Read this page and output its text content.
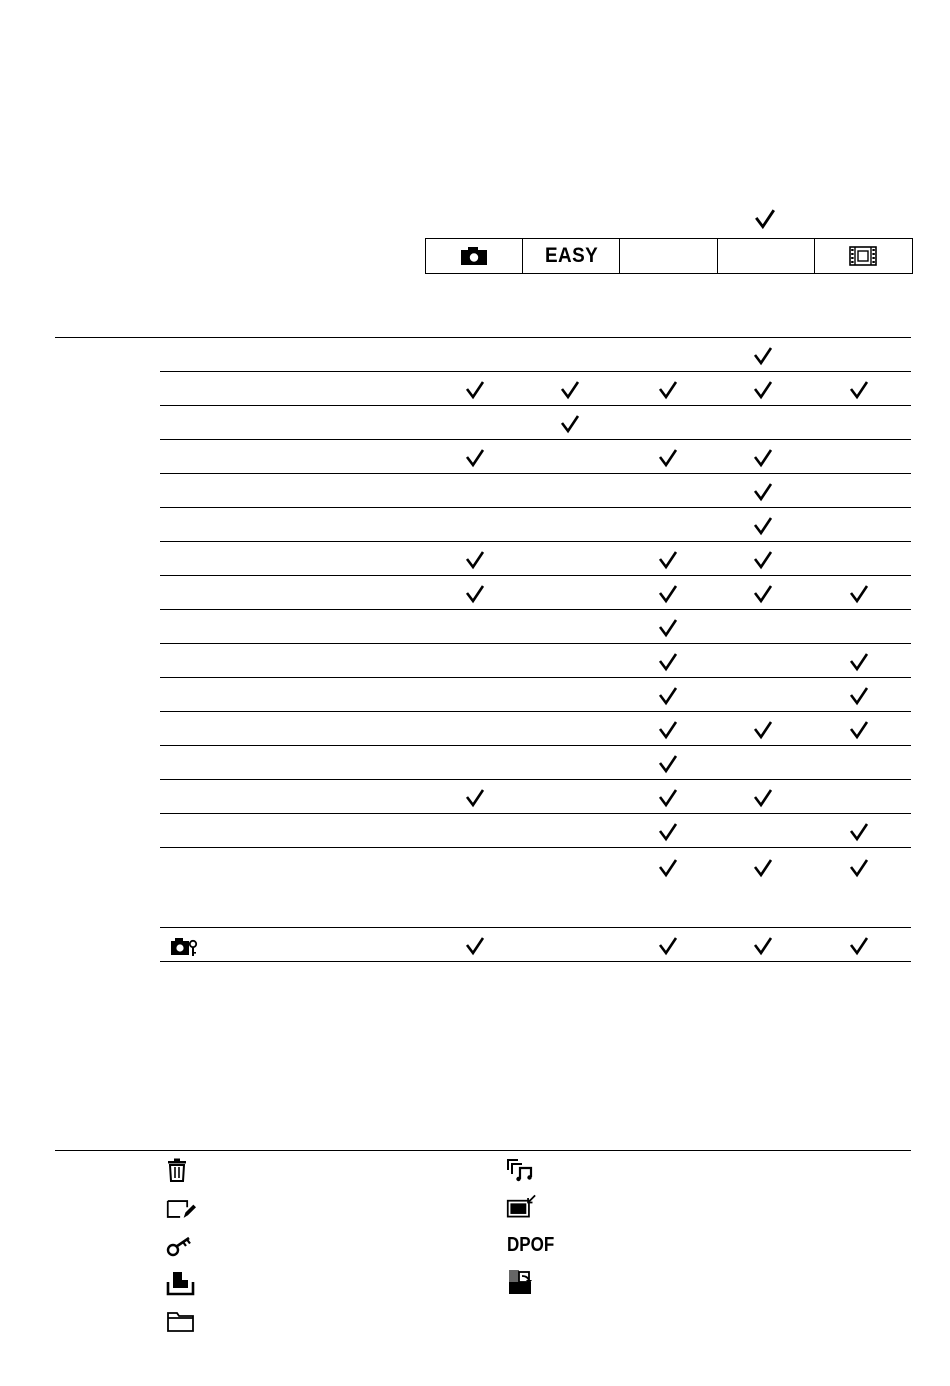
EASY
DPOF
